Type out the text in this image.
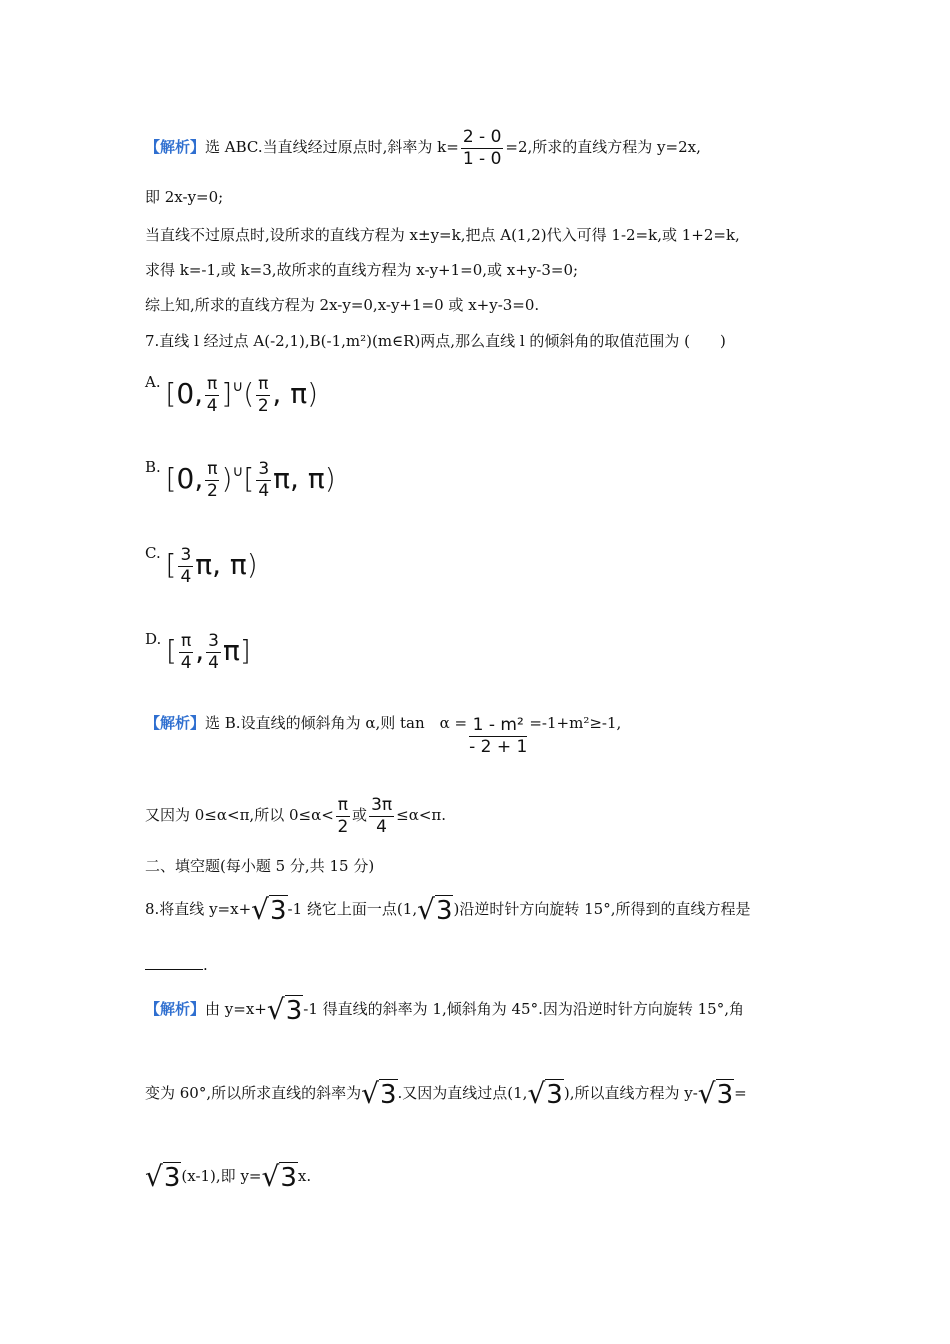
【解析】选 ABC.当直线经过原点时,斜率为 $k= \frac{2 - 0}{1 - 0} =2$,所求的直线方程为 y=2x,
即 2x-y=0;
当直线不过原点时,设所求的直线方程为 x±y=k,把点 A(1,2)代入可得 1-2=k,或 1+2=k,
求得 k=-1,或 k=3,故所求的直线方程为 x-y+1=0,或 x+y-3=0;
综上知,所求的直线方程为 2x-y=0,x-y+1=0 或 x+y-3=0.
7.直线 l 经过点 A(-2,1),B(-1,m²)(m∈R)两点,那么直线 l 的倾斜角的取值范围为 (　　)
A. [0, $\frac{\pi}{4} ]^\cup( \frac{\pi}{2}$ , π)
B. [0, $\frac{\pi}{2} )^\cup[ \frac{3}{4} \pi$, π)
C. [ $\frac{3}{4} \pi$, π)
D. [ $\frac{\pi}{4}$ , $\frac{3}{4} \pi$]
【解析】选 B.设直线的倾斜角为 α,则 tan　$\alpha = \frac{\text{1 - m²}}{- 2 + 1} =-1+m^2\ge-1$,
又因为 0≤α<π,所以 $0\le\alpha< \frac{\pi}{2}$ 或 $\frac{3\pi}{4} \le\alpha<\pi$.
二、填空题(每小题 5 分,共 15 分)
8.将直线 y=x+√3-1 绕它上面一点(1,√3)沿逆时针方向旋转 15°,所得到的直线方程是
.
【解析】由 y=x+√3-1 得直线的斜率为 1,倾斜角为 45°.因为沿逆时针方向旋转 15°,角
变为 60°,所以所求直线的斜率为√3.又因为直线过点(1,√3),所以直线方程为 y-√3=
√3(x-1),即 y=√3x.
